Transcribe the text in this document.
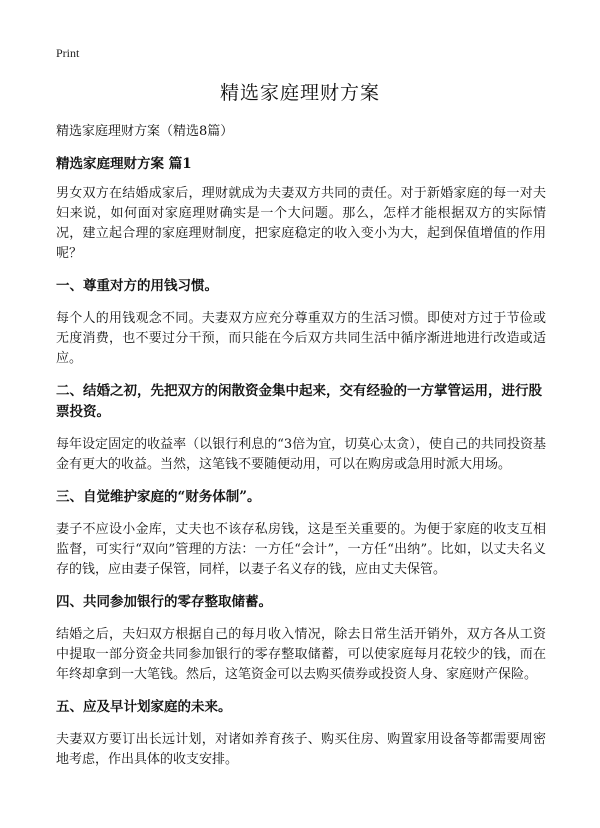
Print
精选家庭理财方案

精选家庭理财方案（精选8篇）

精选家庭理财方案 篇1

男女双方在结婚成家后，理财就成为夫妻双方共同的责任。对于新婚家庭的每一对夫妇来说，如何面对家庭理财确实是一个大问题。那么，怎样才能根据双方的实际情况，建立起合理的家庭理财制度，把家庭稳定的收入变小为大，起到保值增值的作用呢？

一、尊重对方的用钱习惯。

每个人的用钱观念不同。夫妻双方应充分尊重双方的生活习惯。即使对方过于节俭或无度消费，也不要过分干预，而只能在今后双方共同生活中循序渐进地进行改造或适应。

二、结婚之初，先把双方的闲散资金集中起来，交有经验的一方掌管运用，进行股票投资。

每年设定固定的收益率（以银行利息的“3倍为宜，切莫心太贪），使自己的共同投资基金有更大的收益。当然，这笔钱不要随便动用，可以在购房或急用时派大用场。

三、自觉维护家庭的“财务体制”。

妻子不应设小金库，丈夫也不该存私房钱，这是至关重要的。为便于家庭的收支互相监督，可实行“双向”管理的方法：一方任“会计”，一方任“出纳”。比如，以丈夫名义存的钱，应由妻子保管，同样，以妻子名义存的钱，应由丈夫保管。

四、共同参加银行的零存整取储蓄。

结婚之后，夫妇双方根据自己的每月收入情况，除去日常生活开销外，双方各从工资中提取一部分资金共同参加银行的零存整取储蓄，可以使家庭每月花较少的钱，而在年终却拿到一大笔钱。然后，这笔资金可以去购买债券或投资人身、家庭财产保险。

五、应及早计划家庭的未来。

夫妻双方要订出长远计划，对诸如养育孩子、购买住房、购置家用设备等都需要周密地考虑，作出具体的收支安排。
